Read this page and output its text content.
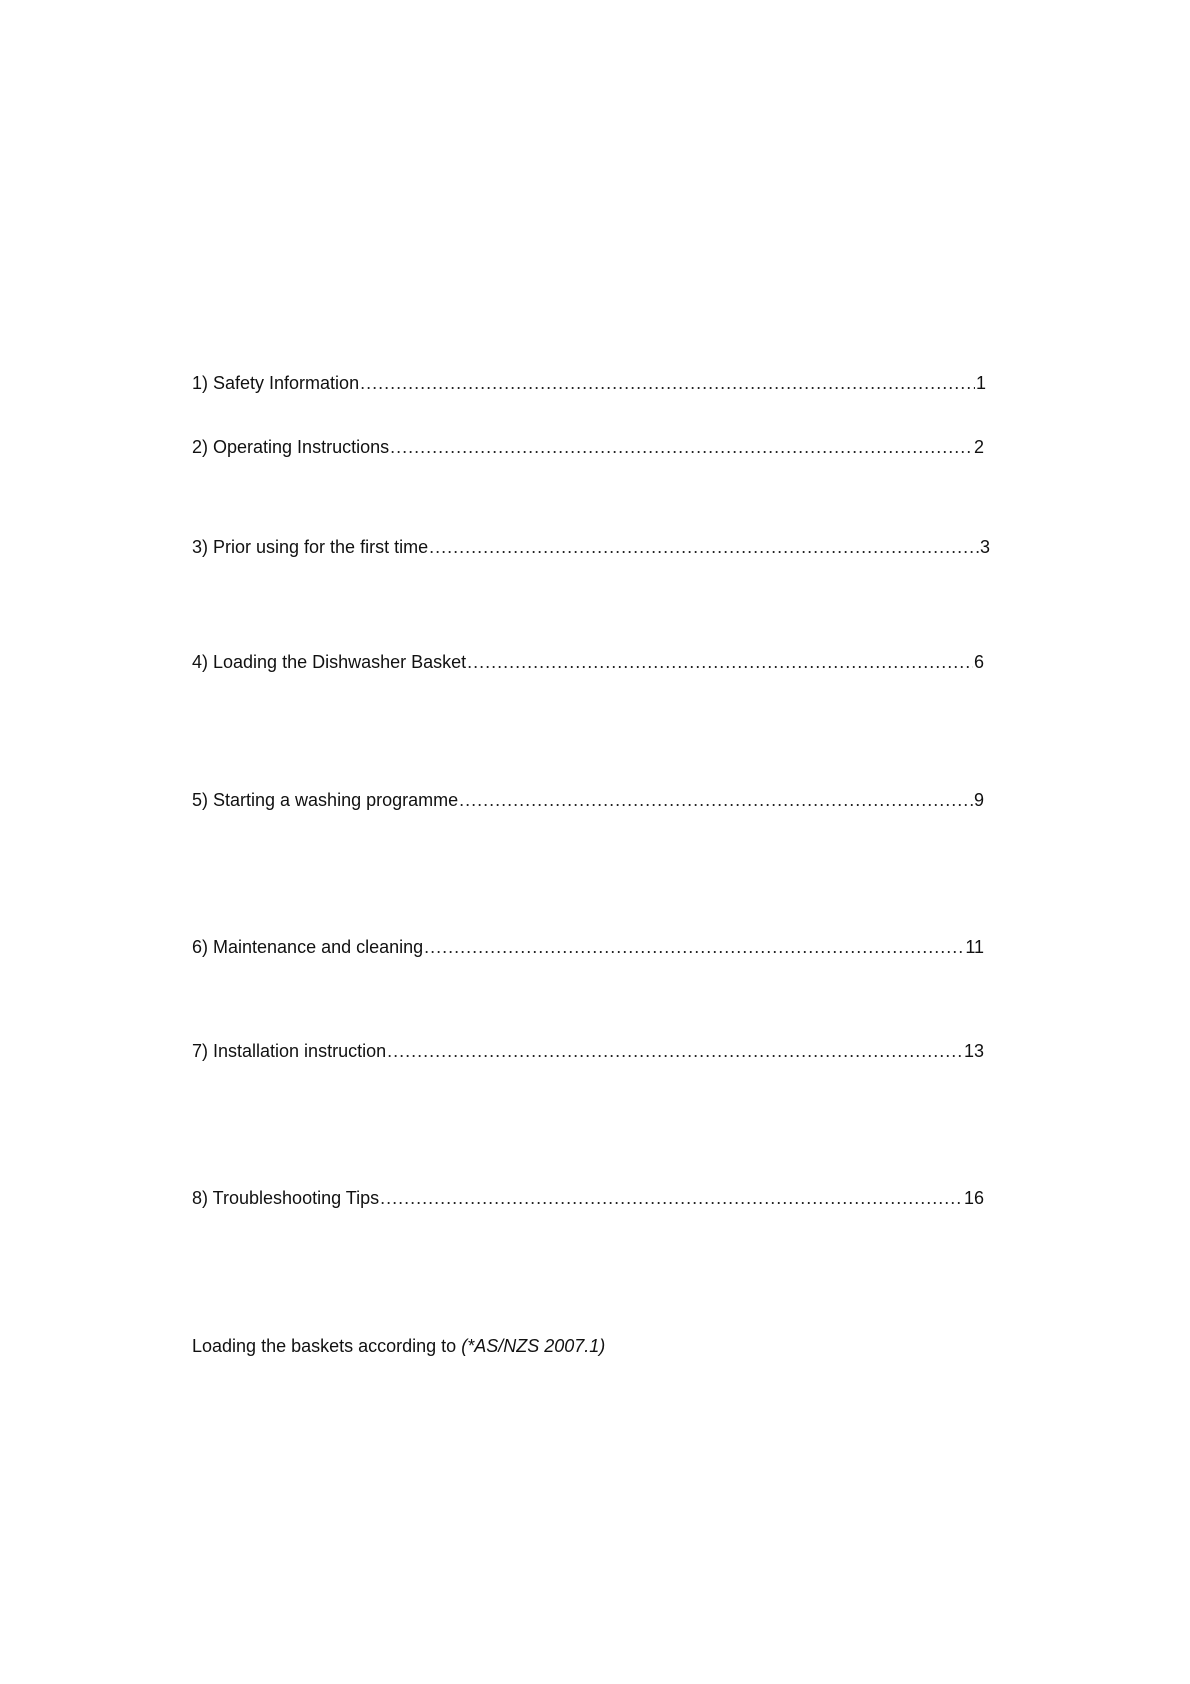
1) Safety Information .....	1
2) Operating Instructions .....	2
3) Prior using for the first time .....	3
4) Loading the Dishwasher Basket .....	6
5) Starting a washing programme .....	9
6) Maintenance and cleaning .....	11
7) Installation instruction .....	13
8) Troubleshooting Tips .....	16
Loading the baskets according to (*AS/NZS 2007.1)
